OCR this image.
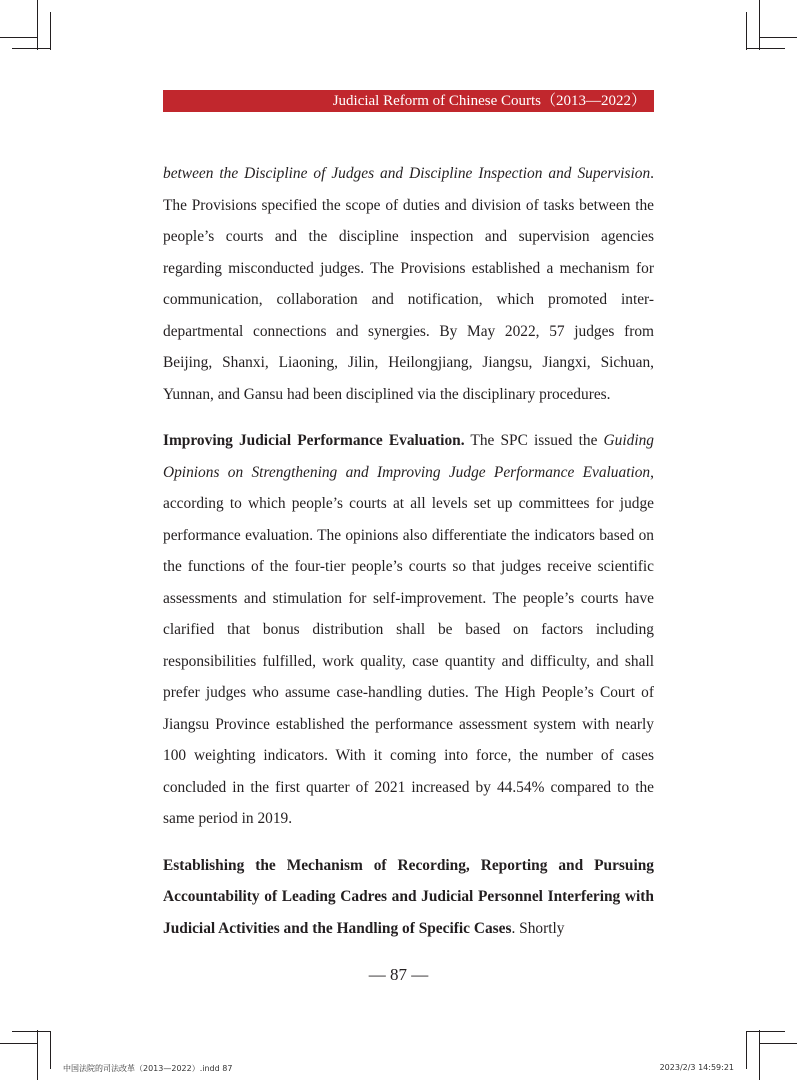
Judicial Reform of Chinese Courts（2013—2022）

between the Discipline of Judges and Discipline Inspection and Supervision. The Provisions specified the scope of duties and division of tasks between the people’s courts and the discipline inspection and supervision agencies regarding misconducted judges. The Provisions established a mechanism for communication, collaboration and notification, which promoted inter-departmental connections and synergies. By May 2022, 57 judges from Beijing, Shanxi, Liaoning, Jilin, Heilongjiang, Jiangsu, Jiangxi, Sichuan, Yunnan, and Gansu had been disciplined via the disciplinary procedures.

Improving Judicial Performance Evaluation. The SPC issued the Guiding Opinions on Strengthening and Improving Judge Performance Evaluation, according to which people’s courts at all levels set up committees for judge performance evaluation. The opinions also differentiate the indicators based on the functions of the four-tier people’s courts so that judges receive scientific assessments and stimulation for self-improvement. The people’s courts have clarified that bonus distribution shall be based on factors including responsibilities fulfilled, work quality, case quantity and difficulty, and shall prefer judges who assume case-handling duties. The High People’s Court of Jiangsu Province established the performance assessment system with nearly 100 weighting indicators. With it coming into force, the number of cases concluded in the first quarter of 2021 increased by 44.54% compared to the same period in 2019.

Establishing the Mechanism of Recording, Reporting and Pursuing Accountability of Leading Cadres and Judicial Personnel Interfering with Judicial Activities and the Handling of Specific Cases. Shortly

— 87 —
中国法院的司法改革（2013—2022）.indd 87	2023/2/3 14:59:21
